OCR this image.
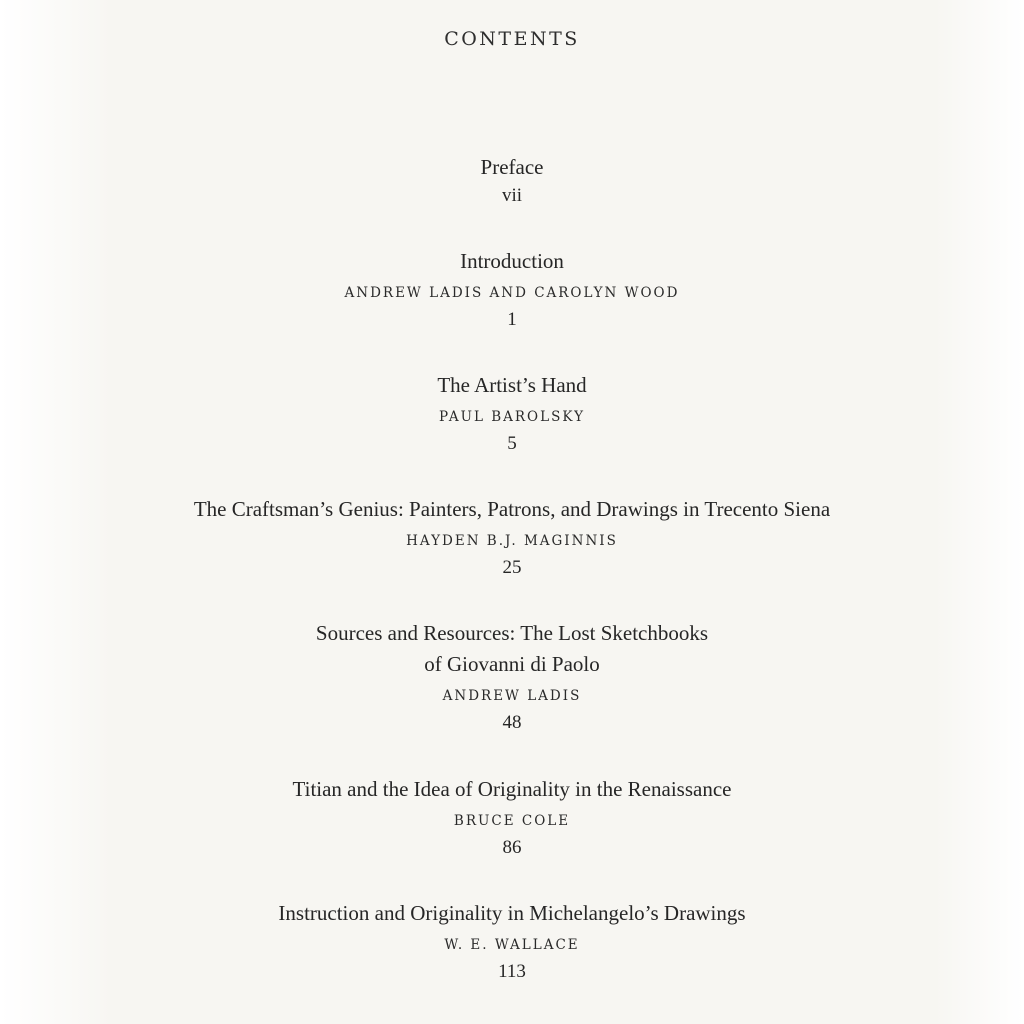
CONTENTS
Preface
vii
Introduction
ANDREW LADIS AND CAROLYN WOOD
1
The Artist’s Hand
PAUL BAROLSKY
5
The Craftsman’s Genius: Painters, Patrons, and Drawings in Trecento Siena
HAYDEN B.J. MAGINNIS
25
Sources and Resources: The Lost Sketchbooks
of Giovanni di Paolo
ANDREW LADIS
48
Titian and the Idea of Originality in the Renaissance
BRUCE COLE
86
Instruction and Originality in Michelangelo’s Drawings
W. E. WALLACE
113
